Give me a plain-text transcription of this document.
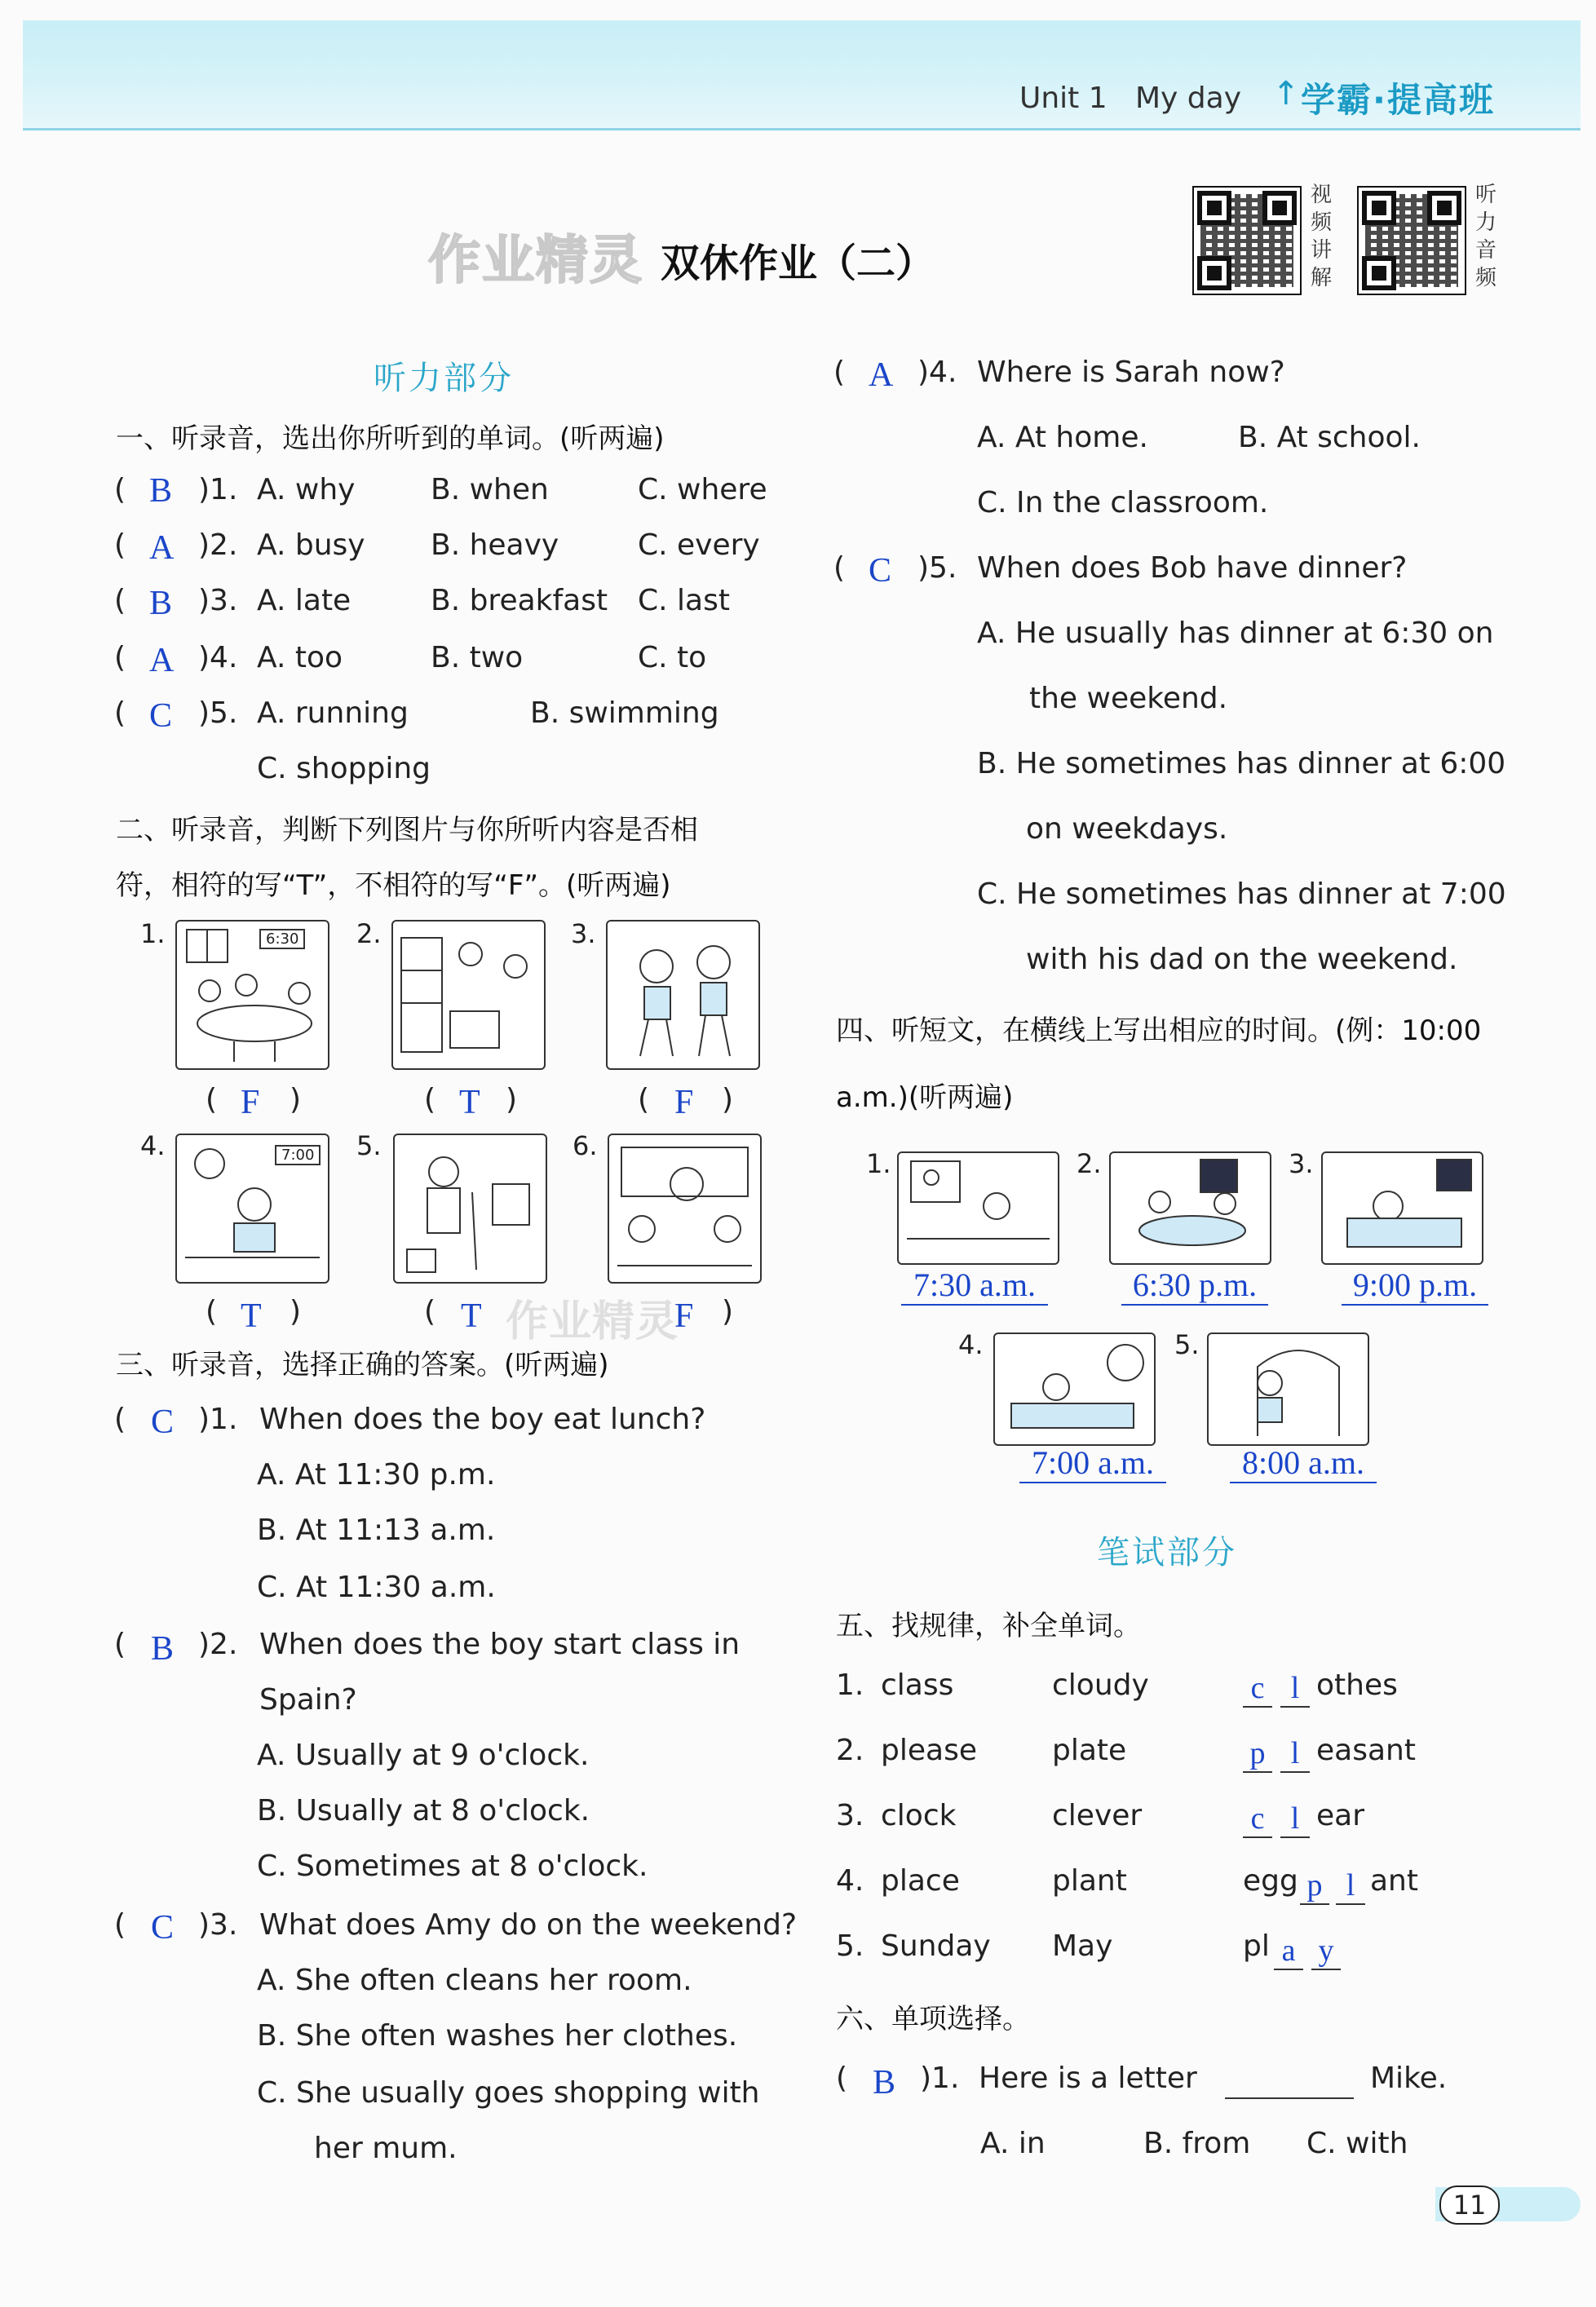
Unit 1 My day ↑ 学霸·提高班
作业精灵 双休作业（二）
视频讲解
听力音频
听力部分
一、听录音，选出你所听到的单词。(听两遍)
( B )1. A. why	B. when	C. where
( A )2. A. busy B. heavy	C. every
( B )3. A. late	B. breakfast C. last
( A )4. A. too	B. two	C. to
( C )5. A. running	B. swimming
C. shopping
二、听录音，判断下列图片与你所听内容是否相
符，相符的写“T”，不相符的写“F”。(听两遍)
1.	6:30 2.	3.
( F )	( T )	( F )
4.	7:00 5.	6.
( T )	( T 作业精灵
F )
三、听录音，选择正确的答案。(听两遍)
( C )1. When does the boy eat lunch?
A. At 11:30 p.m.
B. At 11:13 a.m.
C. At 11:30 a.m.
( B )2. When does the boy start class in
Spain?
A. Usually at 9 o'clock.
B. Usually at 8 o'clock.
C. Sometimes at 8 o'clock.
( C )3. What does Amy do on the weekend?
A. She often cleans her room.
B. She often washes her clothes.
C. She usually goes shopping with
her mum.
( A )4. Where is Sarah now?
A. At home.	B. At school.
C. In the classroom.
( C )5. When does Bob have dinner?
A. He usually has dinner at 6:30 on
the weekend.
B. He sometimes has dinner at 6:00
on weekdays.
C. He sometimes has dinner at 7:00
with his dad on the weekend.
四、听短文，在横线上写出相应的时间。(例：10:00
a.m.)(听两遍)
1.	2.	3.
7:30 a.m.	6:30 p.m.	9:00 p.m.
4.	5.
7:00 a.m.	8:00 a.m.
笔试部分
五、找规律，补全单词。
1. class	cloudy	c l othes
2. please	plate	p l easant
3. clock	clever	c l ear
4. place	plant	egg p l ant
5. Sunday May	pl a y
六、单项选择。
( B )1. Here is a letter	Mike.
A. in	B. from C. with
11
